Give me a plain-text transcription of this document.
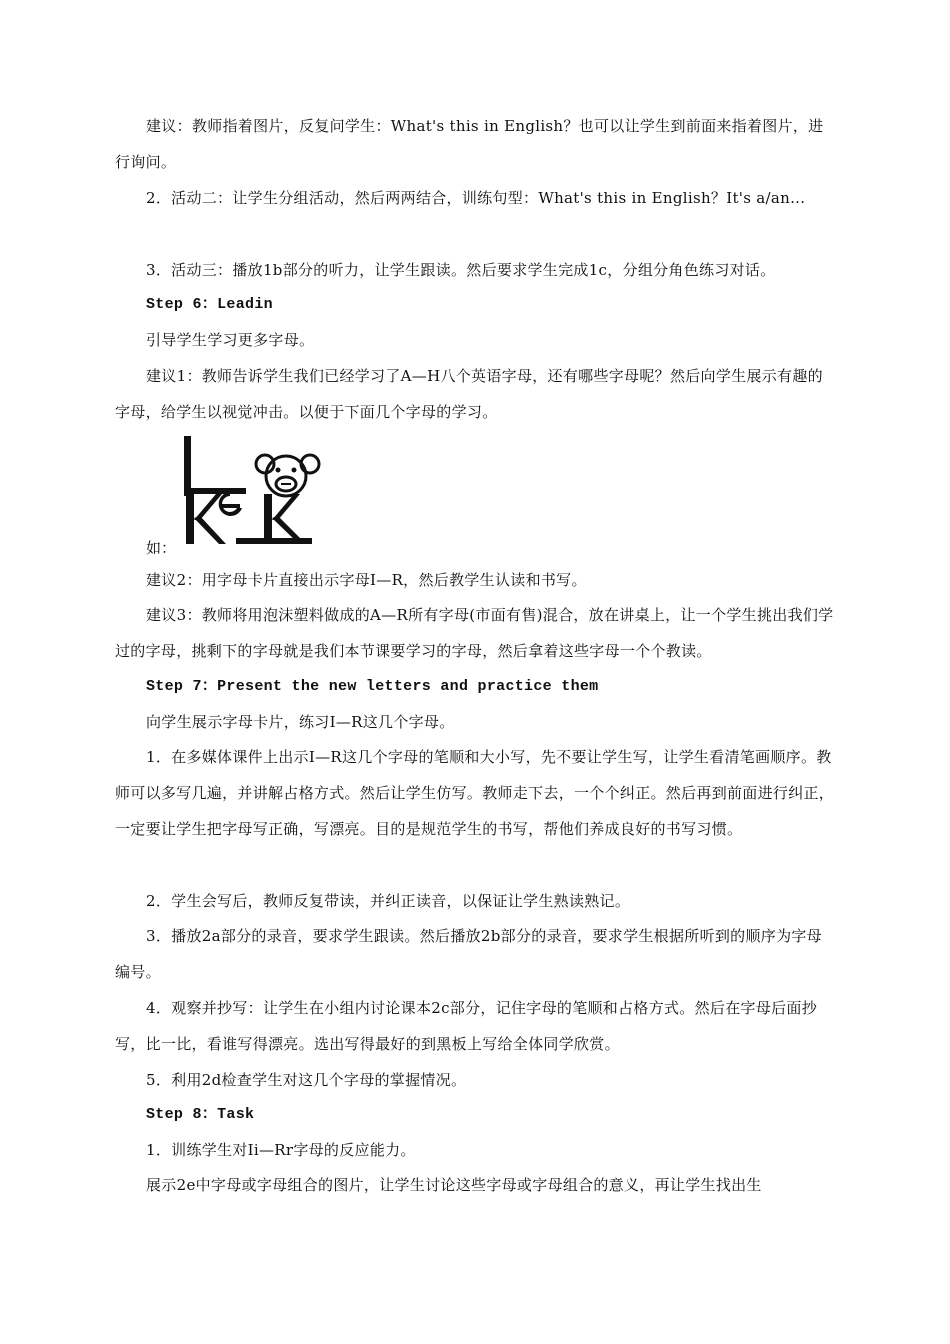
建议：教师指着图片，反复问学生：What's this in English？也可以让学生到前面来指着图片，进行询问。

2．活动二：让学生分组活动，然后两两结合，训练句型：What's this in English？It's a/an...

3．活动三：播放1b部分的听力，让学生跟读。然后要求学生完成1c，分组分角色练习对话。

Step 6：Leadin

引导学生学习更多字母。

建议1：教师告诉学生我们已经学习了A—H八个英语字母，还有哪些字母呢？然后向学生展示有趣的字母，给学生以视觉冲击。以便于下面几个字母的学习。

如：

建议2：用字母卡片直接出示字母I—R，然后教学生认读和书写。

建议3：教师将用泡沫塑料做成的A—R所有字母(市面有售)混合，放在讲桌上，让一个学生挑出我们学过的字母，挑剩下的字母就是我们本节课要学习的字母，然后拿着这些字母一个个教读。

Step 7：Present the new letters and practice them

向学生展示字母卡片，练习I—R这几个字母。

1．在多媒体课件上出示I—R这几个字母的笔顺和大小写，先不要让学生写，让学生看清笔画顺序。教师可以多写几遍，并讲解占格方式。然后让学生仿写。教师走下去，一个个纠正。然后再到前面进行纠正，一定要让学生把字母写正确，写漂亮。目的是规范学生的书写，帮他们养成良好的书写习惯。

2．学生会写后，教师反复带读，并纠正读音，以保证让学生熟读熟记。

3．播放2a部分的录音，要求学生跟读。然后播放2b部分的录音，要求学生根据所听到的顺序为字母编号。

4．观察并抄写：让学生在小组内讨论课本2c部分，记住字母的笔顺和占格方式。然后在字母后面抄写，比一比，看谁写得漂亮。选出写得最好的到黑板上写给全体同学欣赏。

5．利用2d检查学生对这几个字母的掌握情况。

Step 8：Task

1．训练学生对Ii—Rr字母的反应能力。

展示2e中字母或字母组合的图片，让学生讨论这些字母或字母组合的意义，再让学生找出生
